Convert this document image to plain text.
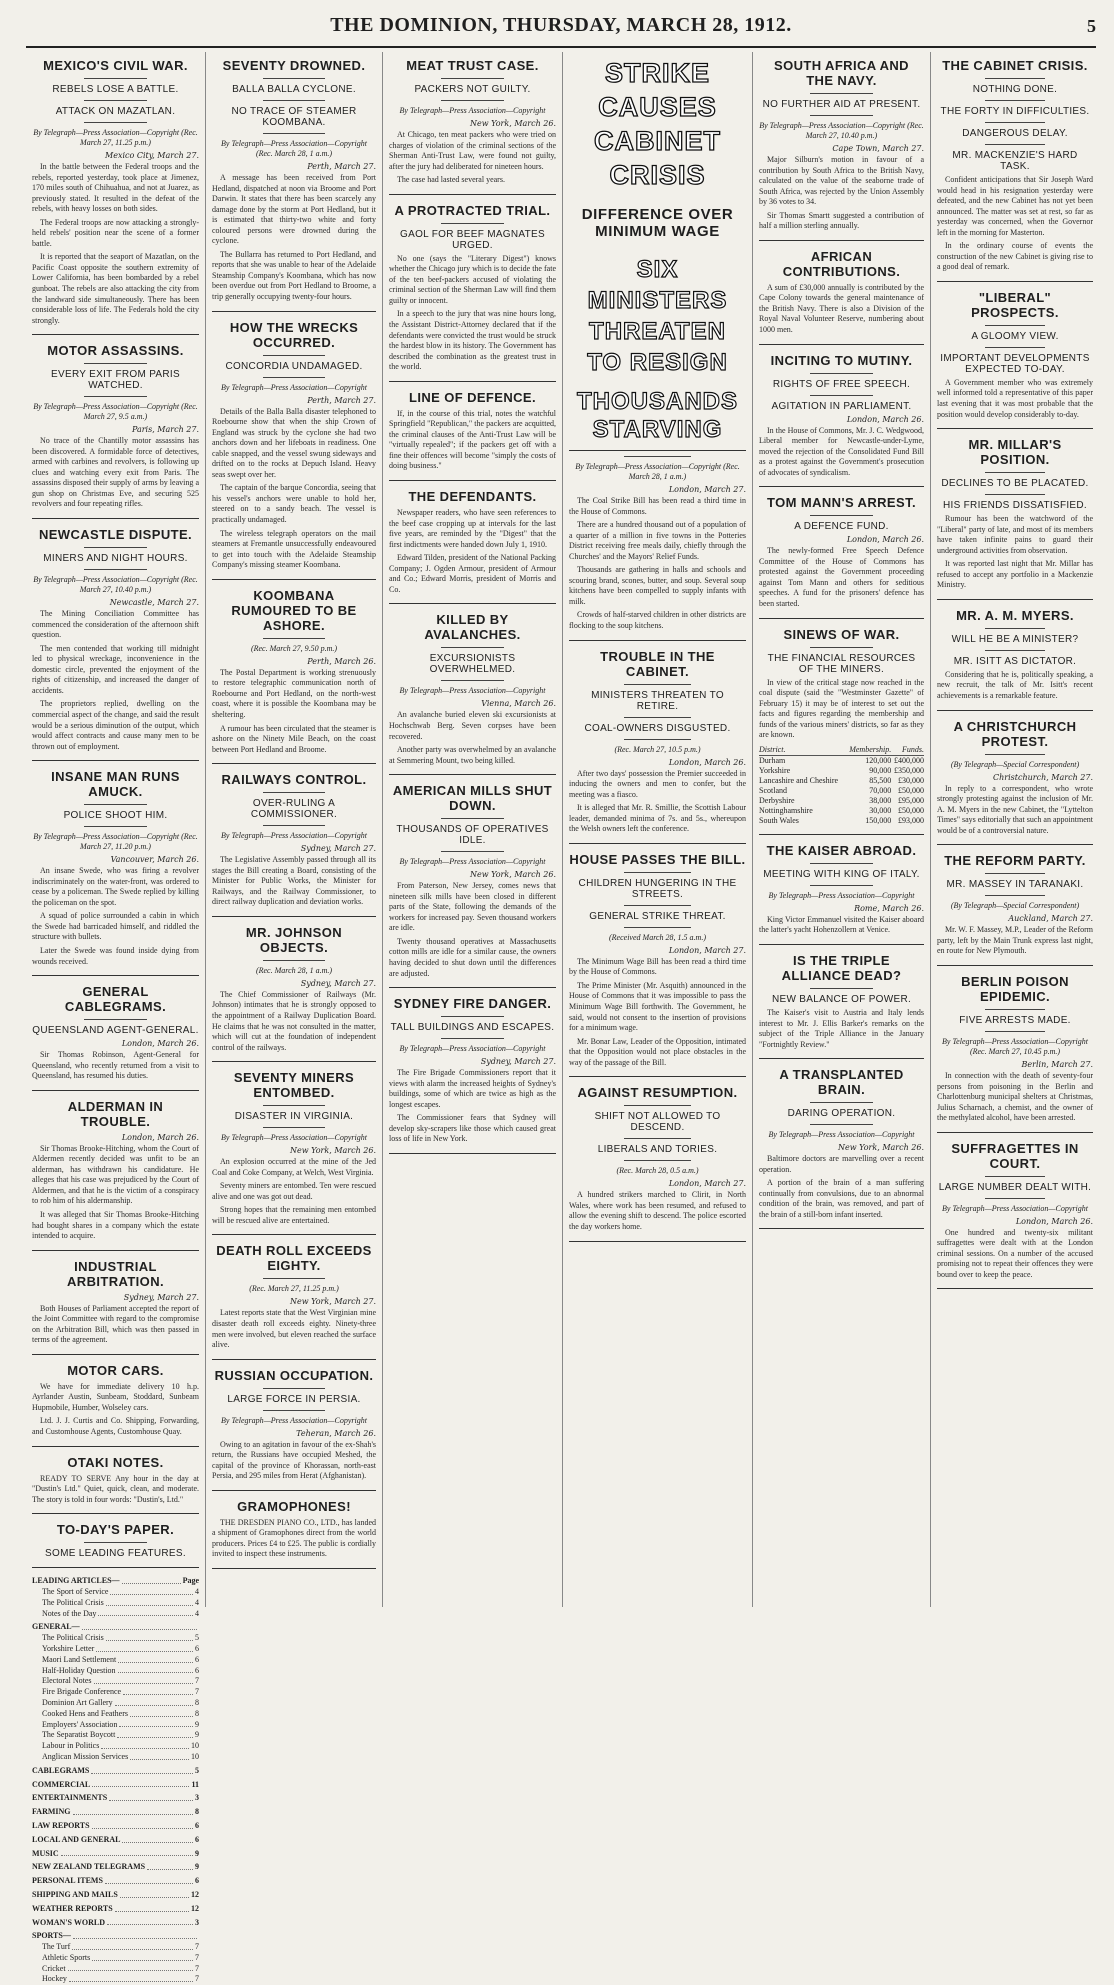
THE DOMINION, THURSDAY, MARCH 28, 1912.	5
MEXICO'S CIVIL WAR.
REBELS LOSE A BATTLE.
ATTACK ON MAZATLAN.
By Telegraph—Press Association—Copyright (Rec. March 27, 11.25 p.m.)
Mexico City, March 27.

In the battle between the Federal troops and the rebels, reported yesterday, took place at Jimenez, 170 miles south of Chihuahua, and not at Juarez, as previously stated. It resulted in the defeat of the rebels, with heavy losses on both sides.

The Federal troops are now attacking a strongly-held rebels' position near the scene of a former battle.

It is reported that the seaport of Mazatlan, on the Pacific Coast opposite the southern extremity of Lower California, has been bombarded by a rebel gunboat. The rebels are also attacking the city from the landward side simultaneously. There has been considerable loss of life. The Federals hold the city strongly.

MOTOR ASSASSINS.
EVERY EXIT FROM PARIS WATCHED.
By Telegraph—Press Association—Copyright (Rec. March 27, 9.5 a.m.)
Paris, March 27.

No trace of the Chantilly motor assassins has been discovered. A formidable force of detectives, armed with carbines and revolvers, is following up clues and watching every exit from Paris. The assassins disposed their supply of arms by leaving a gun shop on Christmas Eve, and securing 525 revolvers and four repeating rifles.

NEWCASTLE DISPUTE.
MINERS AND NIGHT HOURS.
By Telegraph—Press Association—Copyright (Rec. March 27, 10.40 p.m.)
Newcastle, March 27.

The Mining Conciliation Committee has commenced the consideration of the afternoon shift question.

The men contended that working till midnight led to physical wreckage, inconvenience in the domestic circle, prevented the enjoyment of the rights of citizenship, and increased the danger of accidents.

The proprietors replied, dwelling on the commercial aspect of the change, and said the result would be a serious diminution of the output, which would affect contracts and cause many men to be thrown out of employment.

INSANE MAN RUNS AMUCK.
POLICE SHOOT HIM.
By Telegraph—Press Association—Copyright (Rec. March 27, 11.20 p.m.)
Vancouver, March 26.

An insane Swede, who was firing a revolver indiscriminately on the water-front, was ordered to cease by a policeman. The Swede replied by killing the policeman on the spot.

A squad of police surrounded a cabin in which the Swede had barricaded himself, and riddled the structure with bullets.

Later the Swede was found inside dying from wounds received.

GENERAL CABLEGRAMS.
QUEENSLAND AGENT-GENERAL.
London, March 26.

Sir Thomas Robinson, Agent-General for Queensland, who recently returned from a visit to Queensland, has resumed his duties.

ALDERMAN IN TROUBLE.
London, March 26.

Sir Thomas Brooke-Hitching, whom the Court of Aldermen recently decided was unfit to be an alderman, has withdrawn his candidature. He alleges that his case was prejudiced by the Court of Aldermen, and that he is the victim of a conspiracy to rob him of his aldermanship.

It was alleged that Sir Thomas Brooke-Hitching had bought shares in a company which the estate intended to acquire.

INDUSTRIAL ARBITRATION.
Sydney, March 27.

Both Houses of Parliament accepted the report of the Joint Committee with regard to the compromise on the Arbitration Bill, which was then passed in terms of the agreement.

MOTOR CARS.

We have for immediate delivery 10 h.p. Ayrlander Austin, Sunbeam, Stoddard, Sunbeam Hupmobile, Humber, Wolseley cars.

Ltd. J. J. Curtis and Co. Shipping, Forwarding, and Customhouse Agents, Customhouse Quay.

OTAKI NOTES.

READY TO SERVE Any hour in the day at "Dustin's Ltd." Quiet, quick, clean, and moderate. The story is told in four words: "Dustin's, Ltd."

TO-DAY'S PAPER.
SOME LEADING FEATURES.
LEADING ARTICLES—	Page
The Sport of Service	4
The Political Crisis	4
Notes of the Day	4
GENERAL—
The Political Crisis	5
Yorkshire Letter	6
Maori Land Settlement	6
Half-Holiday Question	6
Electoral Notes	7
Fire Brigade Conference	7
Dominion Art Gallery	8
Cooked Hens and Feathers	8
Employers' Association	9
The Separatist Boycott	9
Labour in Politics	10
Anglican Mission Services	10
CABLEGRAMS	5
COMMERCIAL	11
ENTERTAINMENTS	3
FARMING	8
LAW REPORTS	6
LOCAL AND GENERAL	6
MUSIC	9
NEW ZEALAND TELEGRAMS	9
PERSONAL ITEMS	6
SHIPPING AND MAILS	12
WEATHER REPORTS	12
WOMAN'S WORLD	3
SPORTS—
The Turf	7
Athletic Sports	7
Cricket	7
Hockey	7
SEVENTY DROWNED.
BALLA BALLA CYCLONE.
NO TRACE OF STEAMER KOOMBANA.
By Telegraph—Press Association—Copyright (Rec. March 28, 1 a.m.)
Perth, March 27.

A message has been received from Port Hedland, dispatched at noon via Broome and Port Darwin. It states that there has been scarcely any damage done by the storm at Port Hedland, but it is estimated that thirty-two white and forty coloured persons were drowned during the cyclone.

The Bullarra has returned to Port Hedland, and reports that she was unable to hear of the Adelaide Steamship Company's Koombana, which has now been overdue out from Port Hedland to Broome, a trip generally occupying twenty-four hours.

HOW THE WRECKS OCCURRED.
CONCORDIA UNDAMAGED.
By Telegraph—Press Association—Copyright
Perth, March 27.

Details of the Balla Balla disaster telephoned to Roebourne show that when the ship Crown of England was struck by the cyclone she had two anchors down and her lifeboats in readiness. One cable snapped, and the vessel swung sideways and drifted on to the rocks at Depuch Island. Heavy seas swept over her.

The captain of the barque Concordia, seeing that his vessel's anchors were unable to hold her, steered on to a sandy beach. The vessel is practically undamaged.

The wireless telegraph operators on the mail steamers at Fremantle unsuccessfully endeavoured to get into touch with the Adelaide Steamship Company's missing steamer Koombana.

KOOMBANA RUMOURED TO BE ASHORE.
(Rec. March 27, 9.50 p.m.)
Perth, March 26.

The Postal Department is working strenuously to restore telegraphic communication north of Roebourne and Port Hedland, on the north-west coast, where it is possible the Koombana may be sheltering.

A rumour has been circulated that the steamer is ashore on the Ninety Mile Beach, on the coast between Port Hedland and Broome.

RAILWAYS CONTROL.
OVER-RULING A COMMISSIONER.
By Telegraph—Press Association—Copyright
Sydney, March 27.

The Legislative Assembly passed through all its stages the Bill creating a Board, consisting of the Minister for Public Works, the Minister for Railways, and the Railway Commissioner, to direct railway duplication and deviation works.

MR. JOHNSON OBJECTS.
(Rec. March 28, 1 a.m.)
Sydney, March 27.

The Chief Commissioner of Railways (Mr. Johnson) intimates that he is strongly opposed to the appointment of a Railway Duplication Board. He claims that he was not consulted in the matter, which will cut at the foundation of independent control of the railways.

SEVENTY MINERS ENTOMBED.
DISASTER IN VIRGINIA.
By Telegraph—Press Association—Copyright
New York, March 26.

An explosion occurred at the mine of the Jed Coal and Coke Company, at Welch, West Virginia.

Seventy miners are entombed. Ten were rescued alive and one was got out dead.

Strong hopes that the remaining men entombed will be rescued alive are entertained.

DEATH ROLL EXCEEDS EIGHTY.
(Rec. March 27, 11.25 p.m.)
New York, March 27.

Latest reports state that the West Virginian mine disaster death roll exceeds eighty. Ninety-three men were involved, but eleven reached the surface alive.

RUSSIAN OCCUPATION.
LARGE FORCE IN PERSIA.
By Telegraph—Press Association—Copyright
Teheran, March 26.

Owing to an agitation in favour of the ex-Shah's return, the Russians have occupied Meshed, the capital of the province of Khorassan, north-east Persia, and 295 miles from Herat (Afghanistan).

GRAMOPHONES!

THE DRESDEN PIANO CO., LTD., has landed a shipment of Gramophones direct from the world producers. Prices £4 to £25. The public is cordially invited to inspect these instruments.

MEAT TRUST CASE.
PACKERS NOT GUILTY.
By Telegraph—Press Association—Copyright
New York, March 26.

At Chicago, ten meat packers who were tried on charges of violation of the criminal sections of the Sherman Anti-Trust Law, were found not guilty, after the jury had deliberated for nineteen hours.

The case had lasted several years.

A PROTRACTED TRIAL.
GAOL FOR BEEF MAGNATES URGED.

No one (says the "Literary Digest") knows whether the Chicago jury which is to decide the fate of the ten beef-packers accused of violating the criminal section of the Sherman Law will find them guilty or innocent.

In a speech to the jury that was nine hours long, the Assistant District-Attorney declared that if the defendants were convicted the trust would be struck the hardest blow in its history. The Government has described the combination as the greatest trust in the world.

LINE OF DEFENCE.

If, in the course of this trial, notes the watchful Springfield "Republican," the packers are acquitted, the criminal clauses of the Anti-Trust Law will be "virtually repealed"; if the packers get off with a fine their offences will become "simply the costs of doing business."

THE DEFENDANTS.

Newspaper readers, who have seen references to the beef case cropping up at intervals for the last five years, are reminded by the "Digest" that the first indictments were handed down July 1, 1910.

Edward Tilden, president of the National Packing Company; J. Ogden Armour, president of Armour and Co.; Edward Morris, president of Morris and Co.

KILLED BY AVALANCHES.
EXCURSIONISTS OVERWHELMED.
By Telegraph—Press Association—Copyright
Vienna, March 26.

An avalanche buried eleven ski excursionists at Hochschwab Berg. Seven corpses have been recovered.

Another party was overwhelmed by an avalanche at Semmering Mount, two being killed.

AMERICAN MILLS SHUT DOWN.
THOUSANDS OF OPERATIVES IDLE.
By Telegraph—Press Association—Copyright
New York, March 26.

From Paterson, New Jersey, comes news that nineteen silk mills have been closed in different parts of the State, following the demands of the workers for increased pay. Seven thousand workers are idle.

Twenty thousand operatives at Massachusetts cotton mills are idle for a similar cause, the owners having decided to shut down until the differences are adjusted.

SYDNEY FIRE DANGER.
TALL BUILDINGS AND ESCAPES.
By Telegraph—Press Association—Copyright
Sydney, March 27.

The Fire Brigade Commissioners report that it views with alarm the increased heights of Sydney's buildings, some of which are twice as high as the longest escapes.

The Commissioner fears that Sydney will develop sky-scrapers like those which caused great loss of life in New York.

STRIKE CAUSES CABINET CRISIS
DIFFERENCE OVER MINIMUM WAGE
SIX MINISTERS THREATEN TO RESIGN
THOUSANDS STARVING
By Telegraph—Press Association—Copyright (Rec. March 28, 1 a.m.)
London, March 27.

The Coal Strike Bill has been read a third time in the House of Commons.

There are a hundred thousand out of a population of a quarter of a million in five towns in the Potteries District receiving free meals daily, chiefly through the Churches' and the Mayors' Relief Funds.

Thousands are gathering in halls and schools and scouring brand, scones, butter, and soup. Several soup kitchens have been compelled to supply infants with milk.

Crowds of half-starved children in other districts are flocking to the soup kitchens.

TROUBLE IN THE CABINET.
MINISTERS THREATEN TO RETIRE.
COAL-OWNERS DISGUSTED.
(Rec. March 27, 10.5 p.m.)
London, March 26.

After two days' possession the Premier succeeded in inducing the owners and men to confer, but the meeting was a fiasco.

It is alleged that Mr. R. Smillie, the Scottish Labour leader, demanded minima of 7s. and 5s., whereupon the Welsh owners left the conference.

HOUSE PASSES THE BILL.
CHILDREN HUNGERING IN THE STREETS.
GENERAL STRIKE THREAT.
(Received March 28, 1.5 a.m.)
London, March 27.

The Minimum Wage Bill has been read a third time by the House of Commons.

The Prime Minister (Mr. Asquith) announced in the House of Commons that it was impossible to pass the Minimum Wage Bill forthwith. The Government, he said, would not consent to the insertion of provisions for a minimum wage.

Mr. Bonar Law, Leader of the Opposition, intimated that the Opposition would not place obstacles in the way of the passage of the Bill.

AGAINST RESUMPTION.
SHIFT NOT ALLOWED TO DESCEND.
LIBERALS AND TORIES.
(Rec. March 28, 0.5 a.m.)
London, March 27.

A hundred strikers marched to Clirit, in North Wales, where work has been resumed, and refused to allow the evening shift to descend. The police escorted the day workers home.

SOUTH AFRICA AND THE NAVY.
NO FURTHER AID AT PRESENT.
By Telegraph—Press Association—Copyright (Rec. March 27, 10.40 p.m.)
Cape Town, March 27.

Major Silburn's motion in favour of a contribution by South Africa to the British Navy, calculated on the value of the seaborne trade of South Africa, was rejected by the Union Assembly by 36 votes to 34.

Sir Thomas Smartt suggested a contribution of half a million sterling annually.

AFRICAN CONTRIBUTIONS.

A sum of £30,000 annually is contributed by the Cape Colony towards the general maintenance of the British Navy. There is also a Division of the Royal Naval Volunteer Reserve, numbering about 1000 men.

INCITING TO MUTINY.
RIGHTS OF FREE SPEECH.
AGITATION IN PARLIAMENT.
London, March 26.

In the House of Commons, Mr. J. C. Wedgwood, Liberal member for Newcastle-under-Lyme, moved the rejection of the Consolidated Fund Bill as a protest against the Government's prosecution of advocates of syndicalism.

TOM MANN'S ARREST.
A DEFENCE FUND.
London, March 26.

The newly-formed Free Speech Defence Committee of the House of Commons has protested against the Government proceeding against Tom Mann and others for seditious speeches. A fund for the prisoners' defence has been started.

SINEWS OF WAR.
THE FINANCIAL RESOURCES OF THE MINERS.

In view of the critical stage now reached in the coal dispute (said the "Westminster Gazette" of February 15) it may be of interest to set out the facts and figures regarding the membership and funds of the various miners' districts, so far as they are known.

District.	Membership.	Funds.
Durham	120,000	£400,000
Yorkshire	90,000	£350,000
Lancashire and Cheshire	85,500	£30,000
Scotland	70,000	£50,000
Derbyshire	38,000	£95,000
Nottinghamshire	30,000	£50,000
South Wales	150,000	£93,000
THE KAISER ABROAD.
MEETING WITH KING OF ITALY.
By Telegraph—Press Association—Copyright
Rome, March 26.

King Victor Emmanuel visited the Kaiser aboard the latter's yacht Hohenzollern at Venice.

IS THE TRIPLE ALLIANCE DEAD?
NEW BALANCE OF POWER.

The Kaiser's visit to Austria and Italy lends interest to Mr. J. Ellis Barker's remarks on the subject of the Triple Alliance in the January "Fortnightly Review."

A TRANSPLANTED BRAIN.
DARING OPERATION.
By Telegraph—Press Association—Copyright
New York, March 26.

Baltimore doctors are marvelling over a recent operation.

A portion of the brain of a man suffering continually from convulsions, due to an abnormal condition of the brain, was removed, and part of the brain of a still-born infant inserted.

THE CABINET CRISIS.
NOTHING DONE.
THE FORTY IN DIFFICULTIES.
DANGEROUS DELAY.
MR. MACKENZIE'S HARD TASK.

Confident anticipations that Sir Joseph Ward would head in his resignation yesterday were defeated, and the new Cabinet has not yet been announced. The matter was set at rest, so far as yesterday was concerned, when the Governor left in the morning for Masterton.

In the ordinary course of events the construction of the new Cabinet is giving rise to a good deal of remark.

"LIBERAL" PROSPECTS.
A GLOOMY VIEW.
IMPORTANT DEVELOPMENTS EXPECTED TO-DAY.

A Government member who was extremely well informed told a representative of this paper last evening that it was most probable that the position would develop considerably to-day.

MR. MILLAR'S POSITION.
DECLINES TO BE PLACATED.
HIS FRIENDS DISSATISFIED.

Rumour has been the watchword of the "Liberal" party of late, and most of its members have taken infinite pains to guard their underground activities from observation.

It was reported last night that Mr. Millar has refused to accept any portfolio in a Mackenzie Ministry.

MR. A. M. MYERS.
WILL HE BE A MINISTER?
MR. ISITT AS DICTATOR.

Considering that he is, politically speaking, a new recruit, the talk of Mr. Isitt's recent achievements is a remarkable feature.

A CHRISTCHURCH PROTEST.
(By Telegraph—Special Correspondent)
Christchurch, March 27.

In reply to a correspondent, who wrote strongly protesting against the inclusion of Mr. A. M. Myers in the new Cabinet, the "Lyttelton Times" says editorially that such an appointment would be of a controversial nature.

THE REFORM PARTY.
MR. MASSEY IN TARANAKI.
(By Telegraph—Special Correspondent)
Auckland, March 27.

Mr. W. F. Massey, M.P., Leader of the Reform party, left by the Main Trunk express last night, en route for New Plymouth.

BERLIN POISON EPIDEMIC.
FIVE ARRESTS MADE.
By Telegraph—Press Association—Copyright (Rec. March 27, 10.45 p.m.)
Berlin, March 27.

In connection with the death of seventy-four persons from poisoning in the Berlin and Charlottenburg municipal shelters at Christmas, Julius Scharnach, a chemist, and the owner of the methylated alcohol, have been arrested.

SUFFRAGETTES IN COURT.
LARGE NUMBER DEALT WITH.
By Telegraph—Press Association—Copyright
London, March 26.

One hundred and twenty-six militant suffragettes were dealt with at the London criminal sessions. On a number of the accused promising not to repeat their offences they were bound over to keep the peace.
